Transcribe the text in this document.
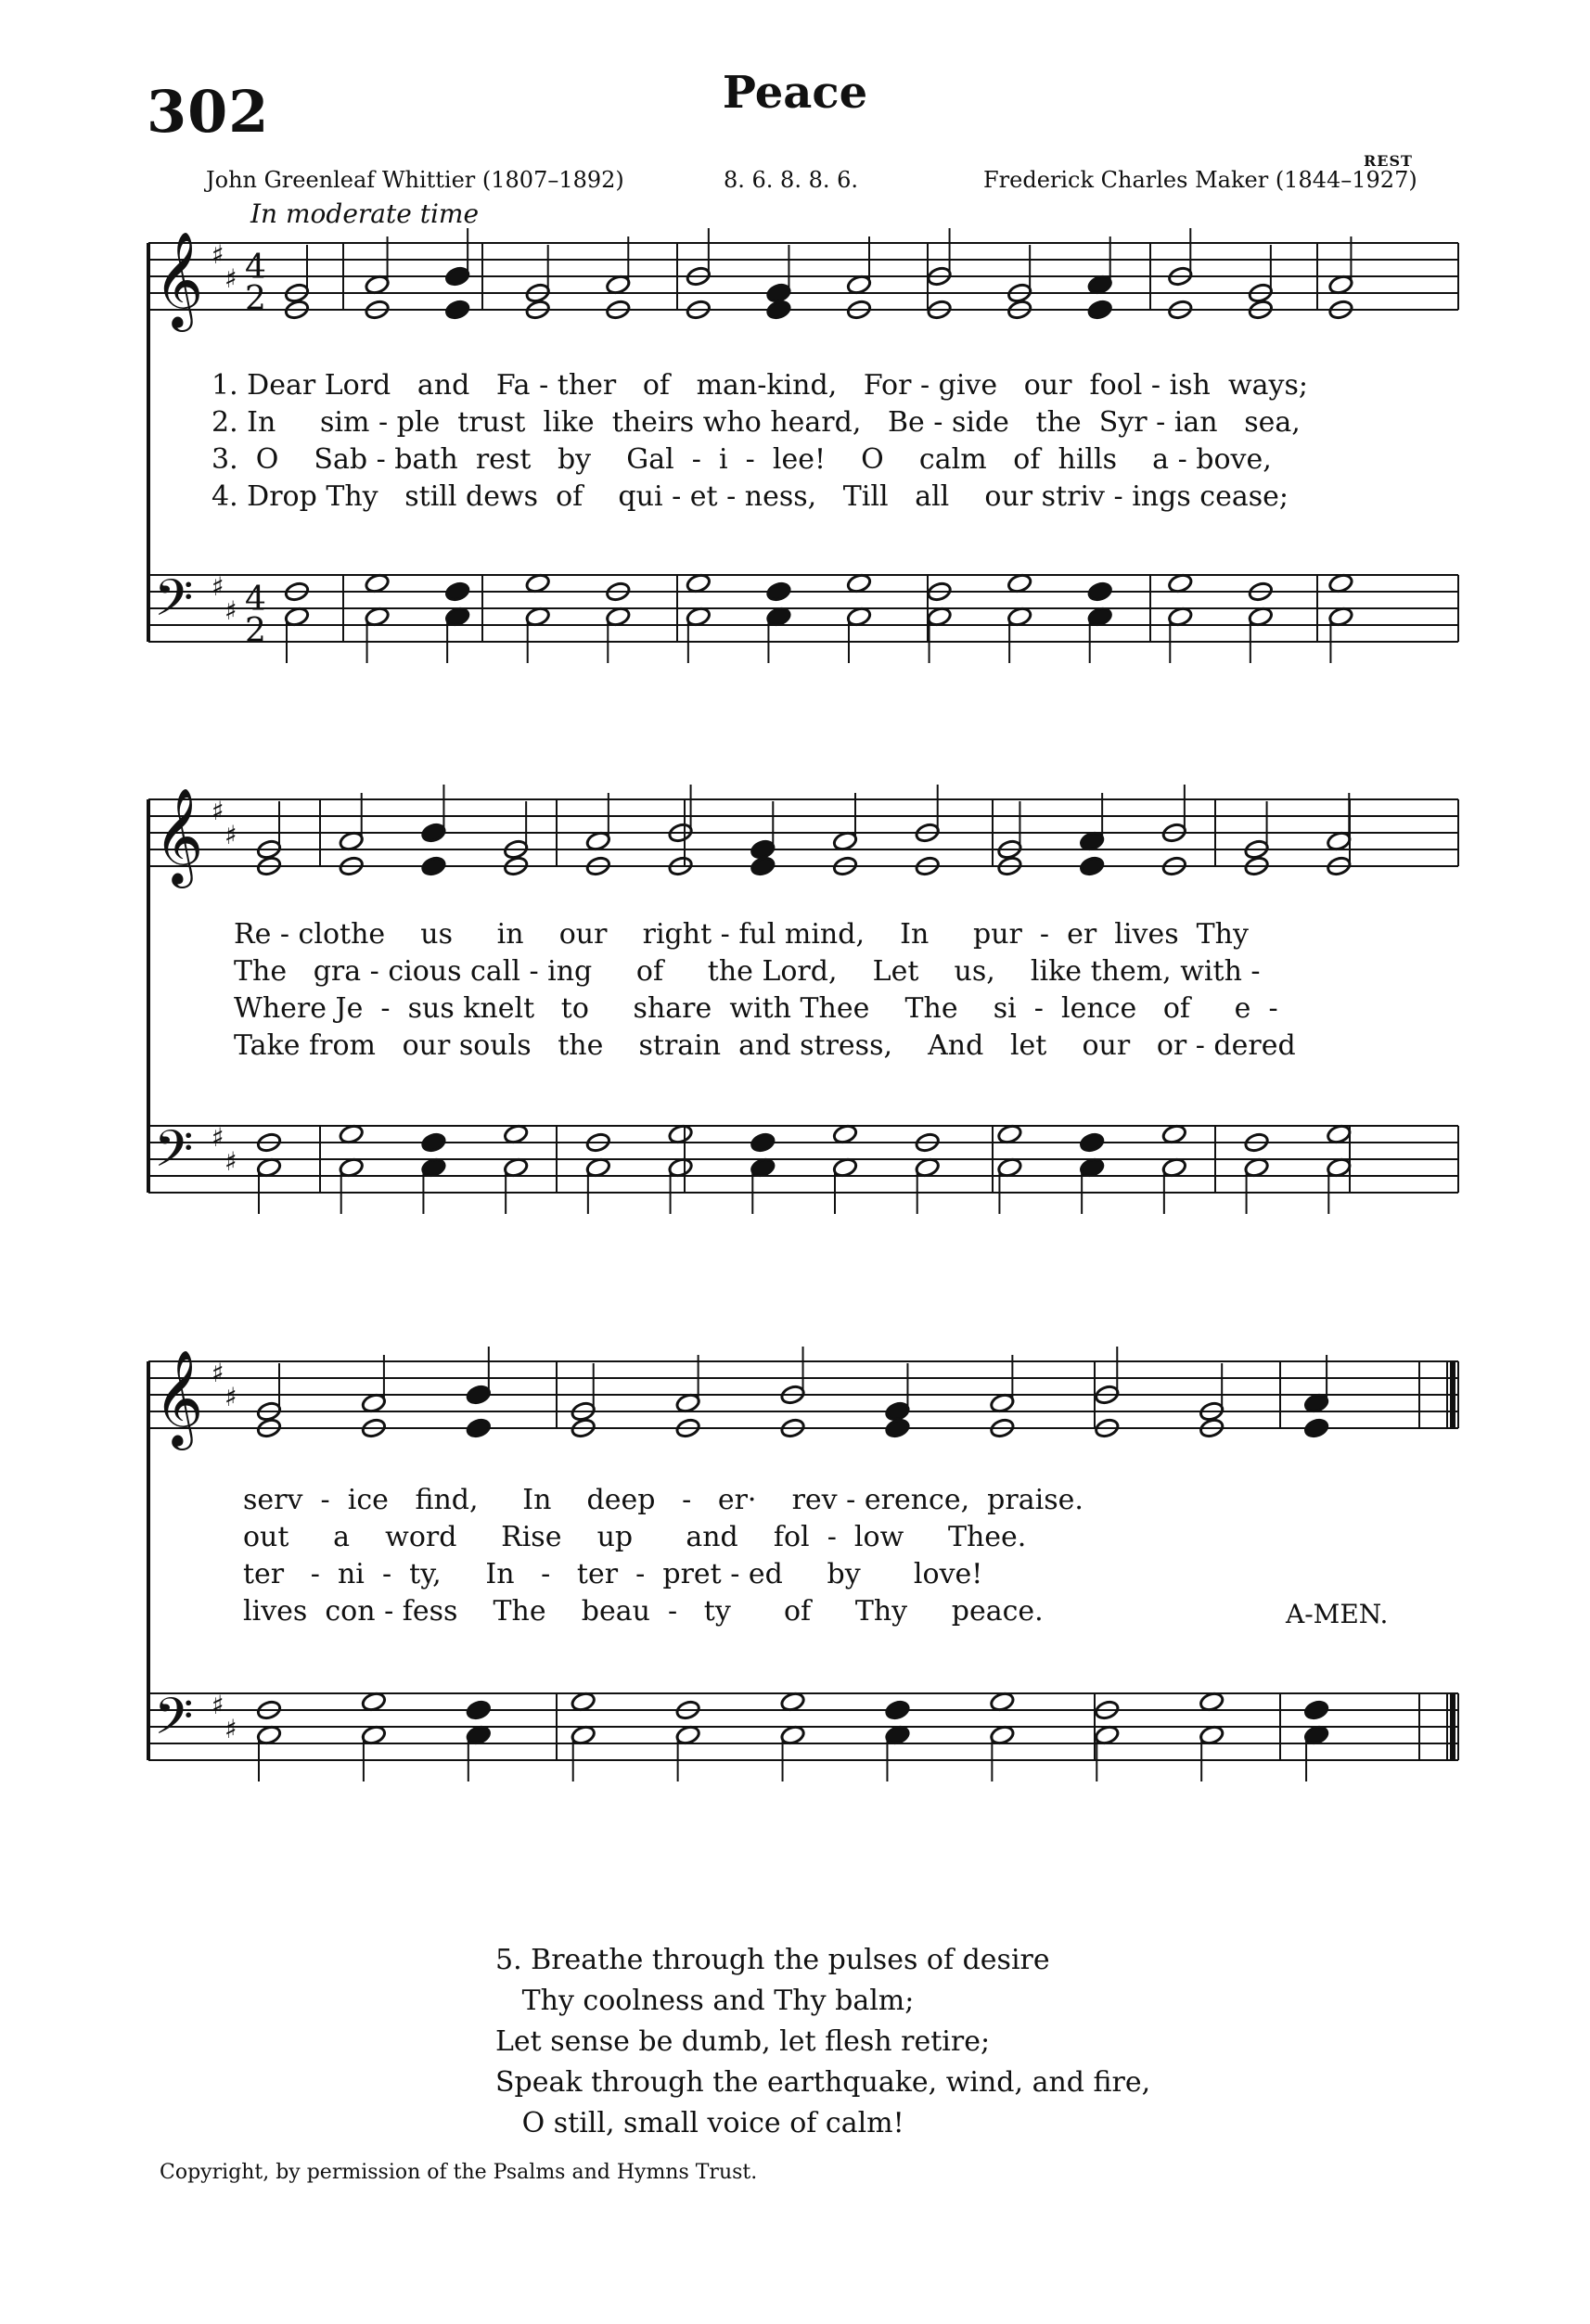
302	Peace
REST
John Greenleaf Whittier (1807–1892)	8. 6. 8. 8. 6.	Frederick Charles Maker (1844–1927)
In moderate time
𝄞
𝄢
♯
♯
♯
♯
4
2
4
2
𝄞
𝄢
♯
♯
♯
♯
𝄞
𝄢
♯
♯
♯
♯
1. Dear Lord   and   Fa - ther   of   man-kind,   For - give   our  fool - ish  ways;
2. In     sim - ple  trust  like  theirs who heard,   Be - side   the  Syr - ian   sea,
3.  O    Sab - bath  rest   by    Gal  -  i  -  lee!    O    calm   of  hills    a - bove,
4. Drop Thy   still dews  of    qui - et - ness,   Till   all    our striv - ings cease;
Re - clothe    us     in    our    right - ful mind,    In     pur  -  er  lives  Thy
The   gra - cious call - ing     of     the Lord,    Let    us,    like them, with -
Where Je  -  sus knelt   to     share  with Thee    The    si  -  lence   of     e  -
Take from   our souls   the    strain  and stress,    And   let    our   or - dered
serv  -  ice   find,     In    deep   -   er·    rev - erence,  praise.
out     a    word     Rise    up      and    fol  -  low     Thee.
ter   -  ni  -  ty,     In   -   ter  -  pret - ed     by      love!
lives  con - fess    The    beau  -   ty      of     Thy     peace.	A-MEN.
5. Breathe through the pulses of desire
Thy coolness and Thy balm;
Let sense be dumb, let flesh retire;
Speak through the earthquake, wind, and fire,
O still, small voice of calm!
Copyright, by permission of the Psalms and Hymns Trust.
